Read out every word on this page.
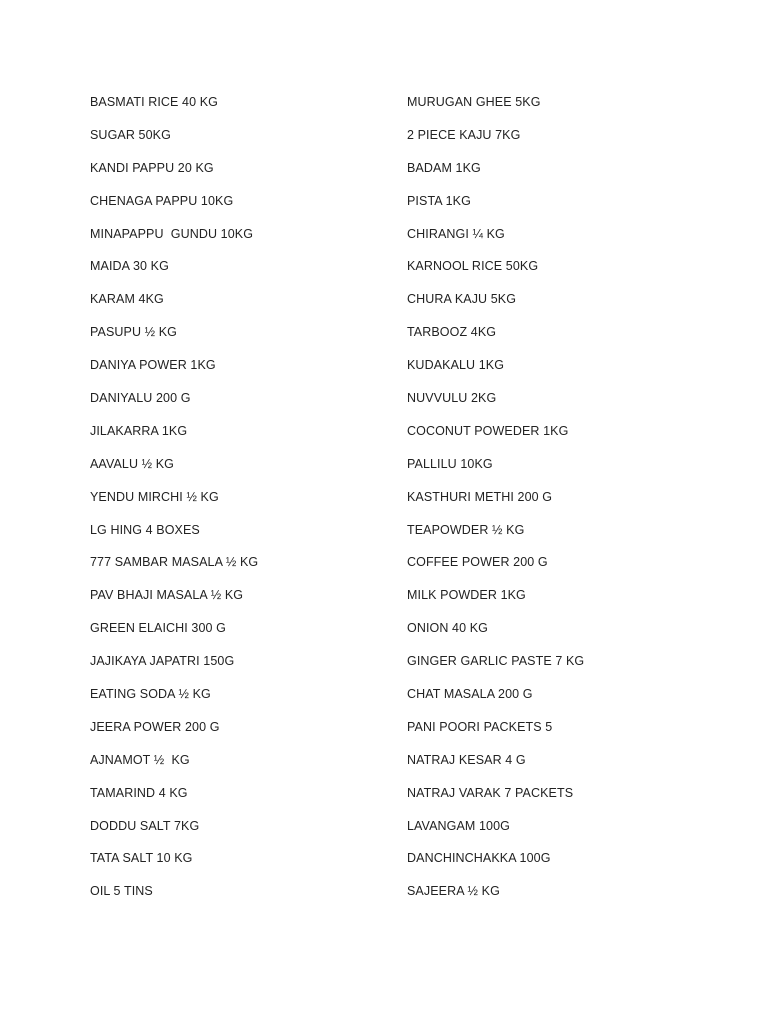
BASMATI RICE 40 KG
SUGAR 50KG
KANDI PAPPU 20 KG
CHENAGA PAPPU 10KG
MINAPAPPU  GUNDU 10KG
MAIDA 30 KG
KARAM 4KG
PASUPU ½ KG
DANIYA POWER 1KG
DANIYALU 200 G
JILAKARRA 1KG
AAVALU ½ KG
YENDU MIRCHI ½ KG
LG HING 4 BOXES
777 SAMBAR MASALA ½ KG
PAV BHAJI MASALA ½ KG
GREEN ELAICHI 300 G
JAJIKAYA JAPATRI 150G
EATING SODA ½ KG
JEERA POWER 200 G
AJNAMOT ½  KG
TAMARIND 4 KG
DODDU SALT 7KG
TATA SALT 10 KG
OIL 5 TINS
MURUGAN GHEE 5KG
2 PIECE KAJU 7KG
BADAM 1KG
PISTA 1KG
CHIRANGI ¼ KG
KARNOOL RICE 50KG
CHURA KAJU 5KG
TARBOOZ 4KG
KUDAKALU 1KG
NUVVULU 2KG
COCONUT POWEDER 1KG
PALLILU 10KG
KASTHURI METHI 200 G
TEAPOWDER ½ KG
COFFEE POWER 200 G
MILK POWDER 1KG
ONION 40 KG
GINGER GARLIC PASTE 7 KG
CHAT MASALA 200 G
PANI POORI PACKETS 5
NATRAJ KESAR 4 G
NATRAJ VARAK 7 PACKETS
LAVANGAM 100G
DANCHINCHAKKA 100G
SAJEERA ½ KG
